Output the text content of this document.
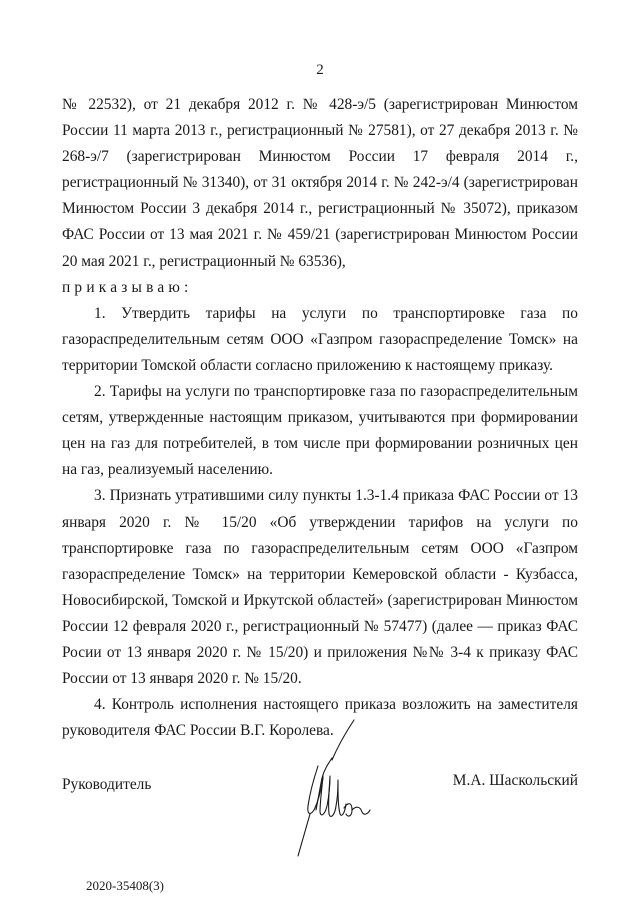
2

№ 22532), от 21 декабря 2012 г. № 428-э/5 (зарегистрирован Минюстом России 11 марта 2013 г., регистрационный № 27581), от 27 декабря 2013 г. № 268-э/7 (зарегистрирован Минюстом России 17 февраля 2014 г., регистрационный № 31340), от 31 октября 2014 г. № 242-э/4 (зарегистрирован Минюстом России 3 декабря 2014 г., регистрационный № 35072), приказом ФАС России от 13 мая 2021 г. № 459/21 (зарегистрирован Минюстом России 20 мая 2021 г., регистрационный № 63536),

приказываю:

1. Утвердить тарифы на услуги по транспортировке газа по газораспределительным сетям ООО «Газпром газораспределение Томск» на территории Томской области согласно приложению к настоящему приказу.

2. Тарифы на услуги по транспортировке газа по газораспределительным сетям, утвержденные настоящим приказом, учитываются при формировании цен на газ для потребителей, в том числе при формировании розничных цен на газ, реализуемый населению.

3. Признать утратившими силу пункты 1.3-1.4 приказа ФАС России от 13 января 2020 г. № 15/20 «Об утверждении тарифов на услуги по транспортировке газа по газораспределительным сетям ООО «Газпром газораспределение Томск» на территории Кемеровской области - Кузбасса, Новосибирской, Томской и Иркутской областей» (зарегистрирован Минюстом России 12 февраля 2020 г., регистрационный № 57477) (далее — приказ ФАС Росии от 13 января 2020 г. № 15/20) и приложения №№ 3-4 к приказу ФАС России от 13 января 2020 г. № 15/20.

4. Контроль исполнения настоящего приказа возложить на заместителя руководителя ФАС России В.Г. Королева.

Руководитель	М.А. Шаскольский
2020-35408(3)
